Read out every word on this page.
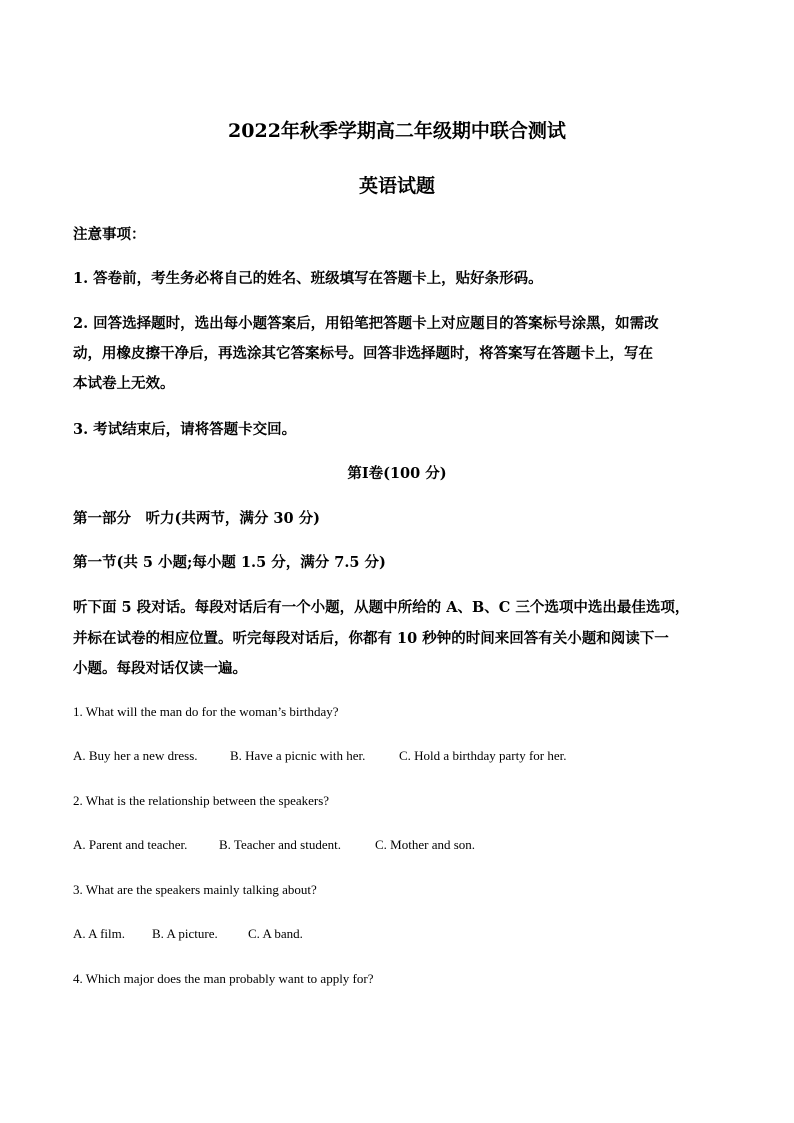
2022年秋季学期高二年级期中联合测试
英语试题
注意事项：
1. 答卷前，考生务必将自己的姓名、班级填写在答题卡上，贴好条形码。
2. 回答选择题时，选出每小题答案后，用铅笔把答题卡上对应题目的答案标号涂黑，如需改
动，用橡皮擦干净后，再选涂其它答案标号。回答非选择题时，将答案写在答题卡上，写在
本试卷上无效。
3. 考试结束后，请将答题卡交回。
第Ⅰ卷(100 分)
第一部分　听力(共两节，满分 30 分)
第一节(共 5 小题;每小题 1.5 分，满分 7.5 分)
听下面 5 段对话。每段对话后有一个小题，从题中所给的 A、B、C 三个选项中选出最佳选项，
并标在试卷的相应位置。听完每段对话后，你都有 10 秒钟的时间来回答有关小题和阅读下一
小题。每段对话仅读一遍。
1. What will the man do for the woman’s birthday?
A. Buy her a new dress. B. Have a picnic with her.	C. Hold a birthday party for her.
2. What is the relationship between the speakers?
A. Parent and teacher. B. Teacher and student.	C. Mother and son.
3. What are the speakers mainly talking about?
A. A film. B. A picture. C. A band.
4. Which major does the man probably want to apply for?
